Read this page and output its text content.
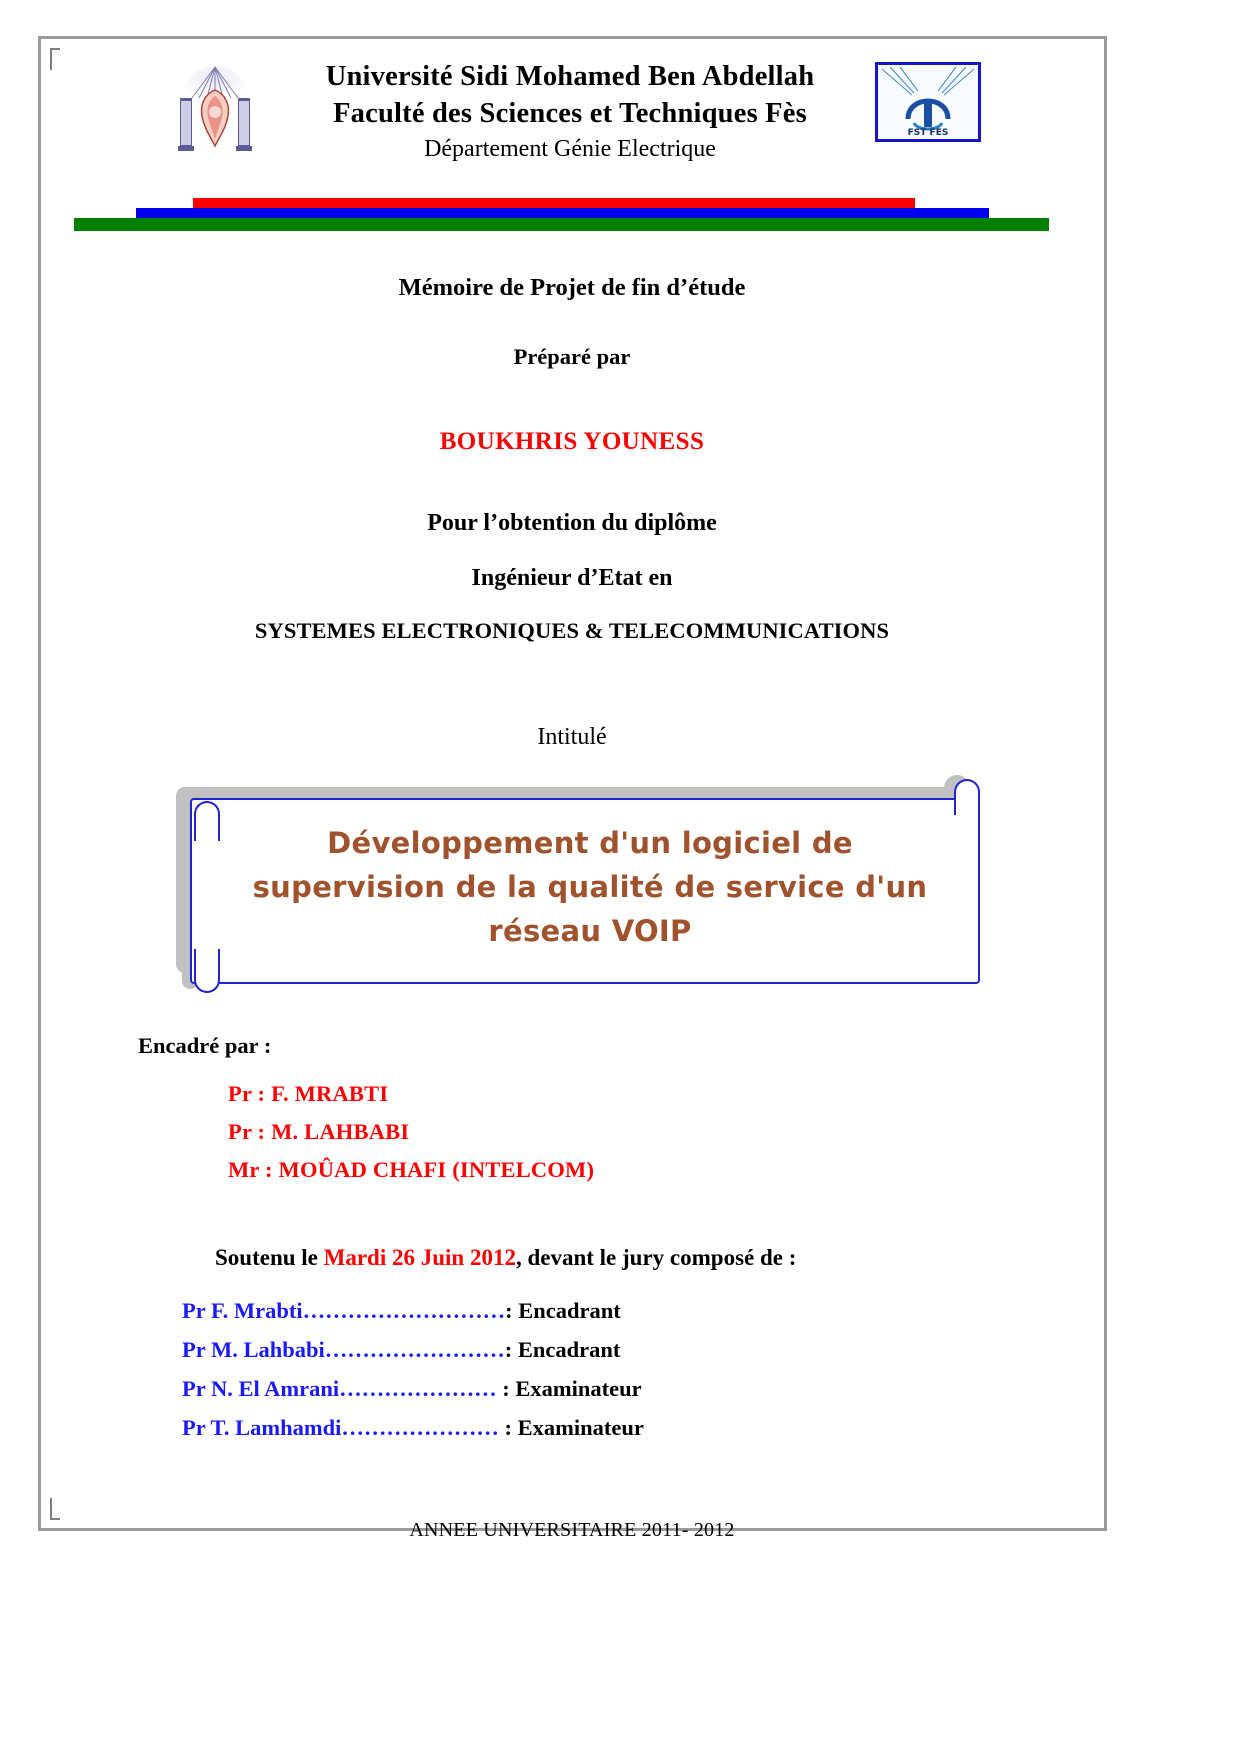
Université Sidi Mohamed Ben Abdellah
Faculté des Sciences et Techniques Fès
Département Génie Electrique
FST FES
Mémoire de Projet de fin d’étude
Préparé par
BOUKHRIS YOUNESS
Pour l’obtention du diplôme
Ingénieur d’Etat en
SYSTEMES ELECTRONIQUES & TELECOMMUNICATIONS
Intitulé
Développement d'un logiciel de
supervision de la qualité de service d'un
réseau VOIP
Encadré par :
Pr : F. MRABTI
Pr : M. LAHBABI
Mr : MOÛAD CHAFI (INTELCOM)
Soutenu le Mardi 26 Juin 2012, devant le jury composé de :
Pr F. Mrabti………………………: Encadrant
Pr M. Lahbabi……………………: Encadrant
Pr N. El Amrani………………… : Examinateur
Pr T. Lamhamdi………………… : Examinateur
ANNEE UNIVERSITAIRE 2011- 2012
